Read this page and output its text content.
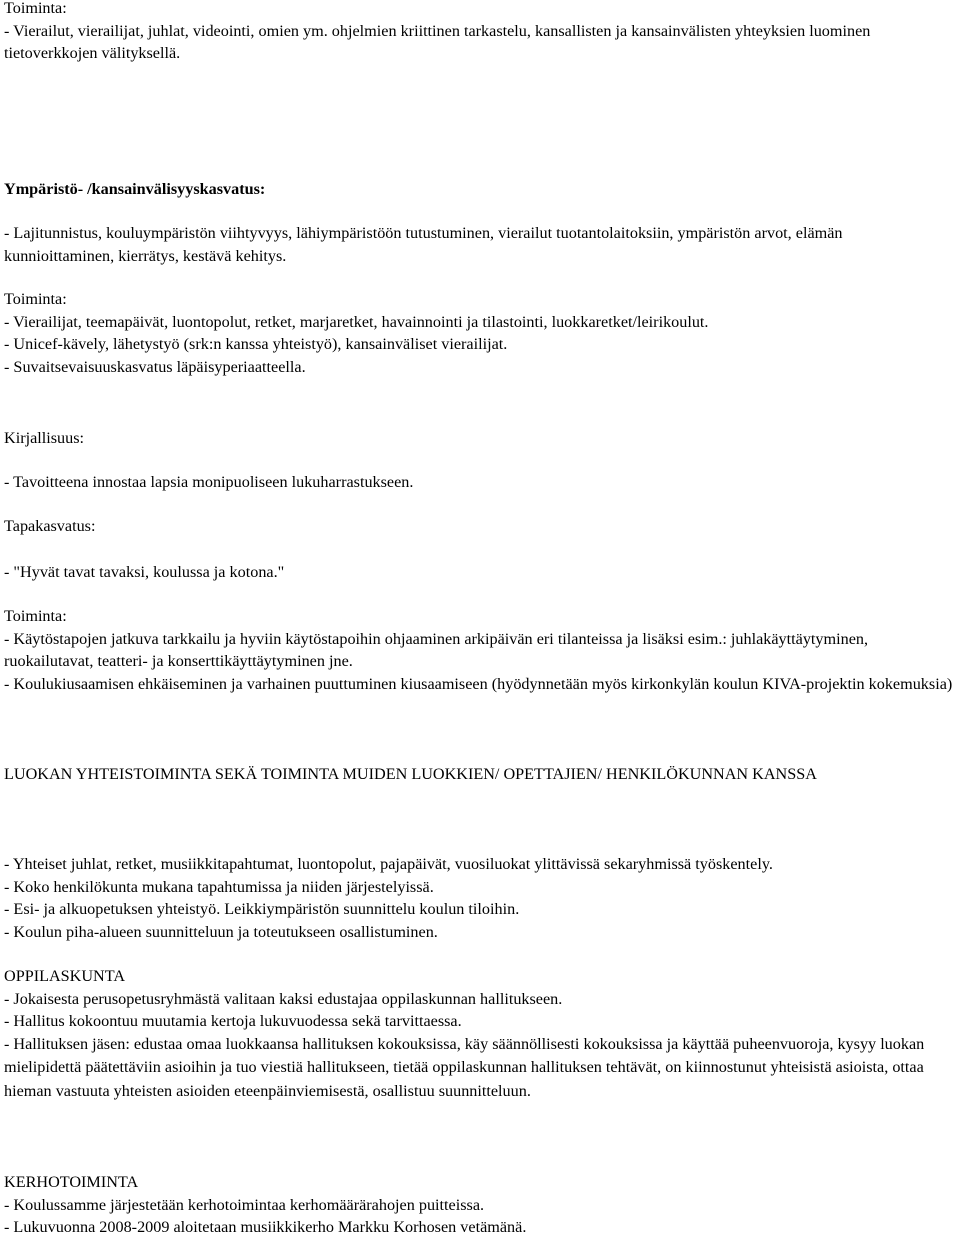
Toiminta:
- Vierailut, vierailijat, juhlat, videointi, omien ym. ohjelmien kriittinen tarkastelu, kansallisten ja kansainvälisten yhteyksien luominen tietoverkkojen välityksellä.
Ympäristö- /kansainvälisyyskasvatus:
- Lajitunnistus, kouluympäristön viihtyvyys, lähiympäristöön tutustuminen, vierailut tuotantolaitoksiin, ympäristön arvot, elämän kunnioittaminen, kierrätys, kestävä kehitys.
Toiminta:
- Vierailijat, teemapäivät, luontopolut, retket, marjaretket, havainnointi ja tilastointi, luokkaretket/leirikoulut.
- Unicef-kävely, lähetystyö (srk:n kanssa yhteistyö), kansainväliset vierailijat.
- Suvaitsevaisuuskasvatus läpäisyperiaatteella.
Kirjallisuus:
- Tavoitteena innostaa lapsia monipuoliseen lukuharrastukseen.
Tapakasvatus:
- "Hyvät tavat tavaksi, koulussa ja kotona."
Toiminta:
- Käytöstapojen jatkuva tarkkailu ja hyviin käytöstapoihin ohjaaminen arkipäivän eri tilanteissa ja lisäksi esim.: juhlakäyttäytyminen, ruokailutavat, teatteri- ja konserttikäyttäytyminen jne.
- Koulukiusaamisen ehkäiseminen ja varhainen puuttuminen kiusaamiseen (hyödynnetään myös kirkonkylän koulun KIVA-projektin kokemuksia)
LUOKAN YHTEISTOIMINTA SEKÄ TOIMINTA MUIDEN LUOKKIEN/ OPETTAJIEN/ HENKILÖKUNNAN KANSSA
- Yhteiset juhlat, retket, musiikkitapahtumat, luontopolut, pajapäivät, vuosiluokat ylittävissä sekaryhmissä työskentely.
- Koko henkilökunta mukana tapahtumissa ja niiden järjestelyissä.
- Esi- ja alkuopetuksen yhteistyö. Leikkiympäristön suunnittelu koulun tiloihin.
- Koulun piha-alueen suunnitteluun ja toteutukseen osallistuminen.
OPPILASKUNTA
- Jokaisesta perusopetusryhmästä valitaan kaksi edustajaa oppilaskunnan hallitukseen.
- Hallitus kokoontuu muutamia kertoja lukuvuodessa sekä tarvittaessa.
- Hallituksen jäsen: edustaa omaa luokkaansa hallituksen kokouksissa, käy säännöllisesti kokouksissa ja käyttää puheenvuoroja, kysyy luokan mielipidettä päätettäviin asioihin ja tuo viestiä hallitukseen, tietää oppilaskunnan hallituksen tehtävät, on kiinnostunut yhteisistä asioista, ottaa hieman vastuuta yhteisten asioiden eteenpäinviemisestä, osallistuu suunnitteluun.
KERHOTOIMINTA
- Koulussamme järjestetään kerhotoimintaa kerhomäärärahojen puitteissa.
- Lukuvuonna 2008-2009 aloitetaan musiikkikerho Markku Korhosen vetämänä.
